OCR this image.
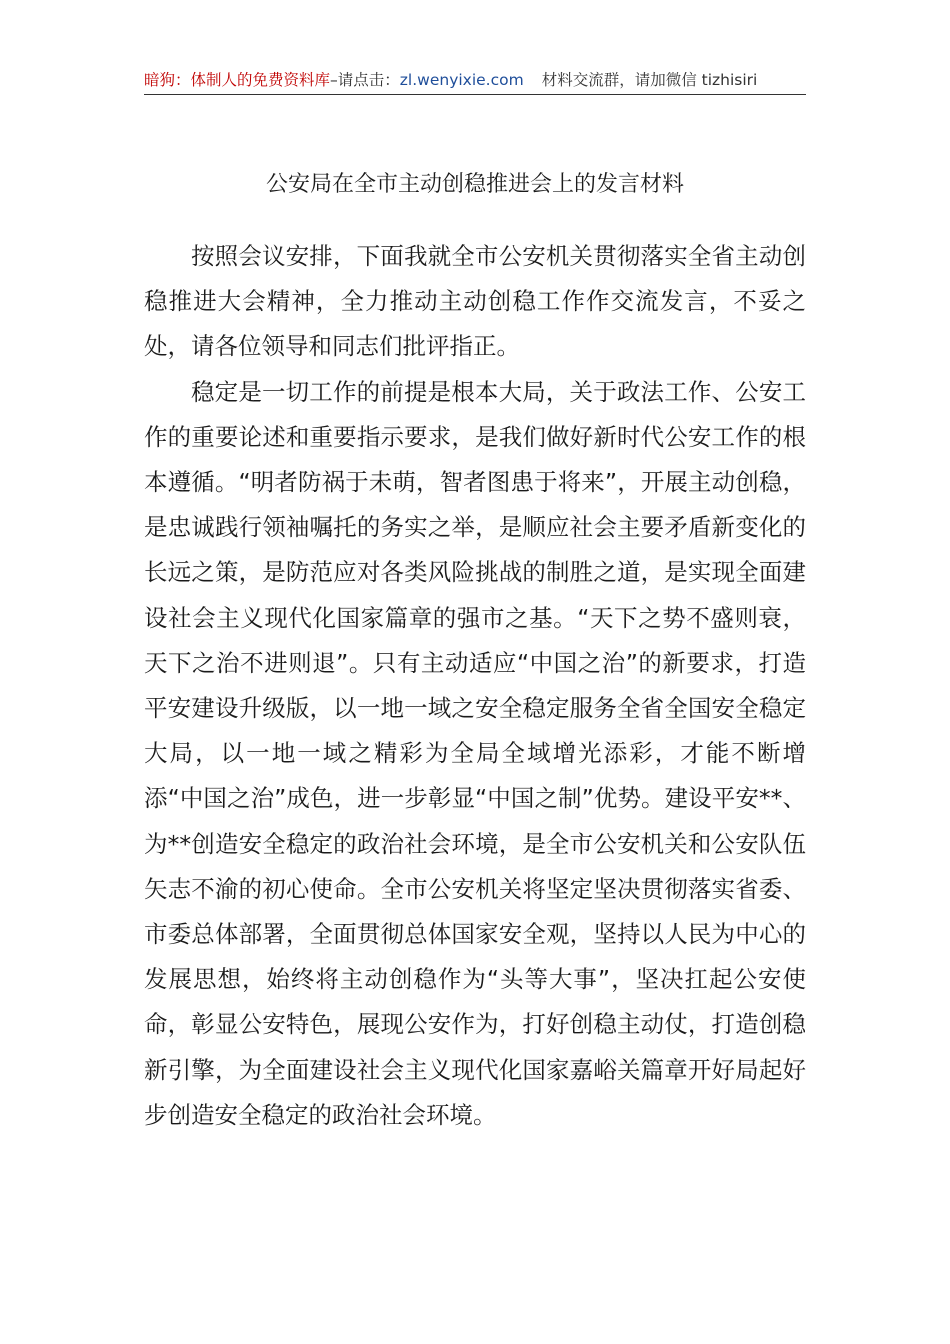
暗狗：体制人的免费资料库–请点击：zl.wenyixie.com 材料交流群，请加微信 tizhisiri
公安局在全市主动创稳推进会上的发言材料

按照会议安排，下面我就全市公安机关贯彻落实全省主动创稳推进大会精神，全力推动主动创稳工作作交流发言，不妥之处，请各位领导和同志们批评指正。

稳定是一切工作的前提是根本大局，关于政法工作、公安工作的重要论述和重要指示要求，是我们做好新时代公安工作的根本遵循。“明者防祸于未萌，智者图患于将来”，开展主动创稳，是忠诚践行领袖嘱托的务实之举，是顺应社会主要矛盾新变化的长远之策，是防范应对各类风险挑战的制胜之道，是实现全面建设社会主义现代化国家篇章的强市之基。“天下之势不盛则衰，天下之治不进则退”。只有主动适应“中国之治”的新要求，打造平安建设升级版，以一地一域之安全稳定服务全省全国安全稳定大局，以一地一域之精彩为全局全域增光添彩，才能不断增添“中国之治”成色，进一步彰显“中国之制”优势。建设平安**、为**创造安全稳定的政治社会环境，是全市公安机关和公安队伍矢志不渝的初心使命。全市公安机关将坚定坚决贯彻落实省委、市委总体部署，全面贯彻总体国家安全观，坚持以人民为中心的发展思想，始终将主动创稳作为“头等大事”，坚决扛起公安使命，彰显公安特色，展现公安作为，打好创稳主动仗，打造创稳新引擎，为全面建设社会主义现代化国家嘉峪关篇章开好局起好步创造安全稳定的政治社会环境。
